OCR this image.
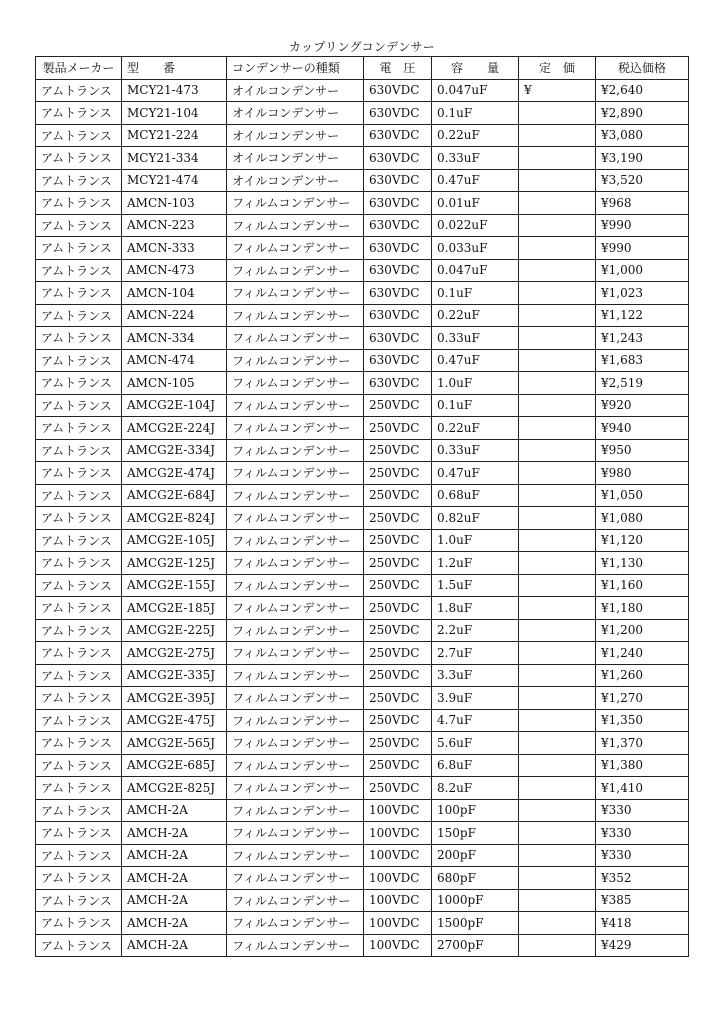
カップリングコンデンサー
製品メーカー	型　　番	コンデンサーの種類	電　圧	容　　量	定　価	税込価格
アムトランス	MCY21-473	オイルコンデンサー	630VDC	0.047uF	¥	¥2,640
アムトランス	MCY21-104	オイルコンデンサー	630VDC	0.1uF		¥2,890
アムトランス	MCY21-224	オイルコンデンサー	630VDC	0.22uF		¥3,080
アムトランス	MCY21-334	オイルコンデンサー	630VDC	0.33uF		¥3,190
アムトランス	MCY21-474	オイルコンデンサー	630VDC	0.47uF		¥3,520
アムトランス	AMCN-103	フィルムコンデンサー	630VDC	0.01uF		¥968
アムトランス	AMCN-223	フィルムコンデンサー	630VDC	0.022uF		¥990
アムトランス	AMCN-333	フィルムコンデンサー	630VDC	0.033uF		¥990
アムトランス	AMCN-473	フィルムコンデンサー	630VDC	0.047uF		¥1,000
アムトランス	AMCN-104	フィルムコンデンサー	630VDC	0.1uF		¥1,023
アムトランス	AMCN-224	フィルムコンデンサー	630VDC	0.22uF		¥1,122
アムトランス	AMCN-334	フィルムコンデンサー	630VDC	0.33uF		¥1,243
アムトランス	AMCN-474	フィルムコンデンサー	630VDC	0.47uF		¥1,683
アムトランス	AMCN-105	フィルムコンデンサー	630VDC	1.0uF		¥2,519
アムトランス	AMCG2E-104J	フィルムコンデンサー	250VDC	0.1uF		¥920
アムトランス	AMCG2E-224J	フィルムコンデンサー	250VDC	0.22uF		¥940
アムトランス	AMCG2E-334J	フィルムコンデンサー	250VDC	0.33uF		¥950
アムトランス	AMCG2E-474J	フィルムコンデンサー	250VDC	0.47uF		¥980
アムトランス	AMCG2E-684J	フィルムコンデンサー	250VDC	0.68uF		¥1,050
アムトランス	AMCG2E-824J	フィルムコンデンサー	250VDC	0.82uF		¥1,080
アムトランス	AMCG2E-105J	フィルムコンデンサー	250VDC	1.0uF		¥1,120
アムトランス	AMCG2E-125J	フィルムコンデンサー	250VDC	1.2uF		¥1,130
アムトランス	AMCG2E-155J	フィルムコンデンサー	250VDC	1.5uF		¥1,160
アムトランス	AMCG2E-185J	フィルムコンデンサー	250VDC	1.8uF		¥1,180
アムトランス	AMCG2E-225J	フィルムコンデンサー	250VDC	2.2uF		¥1,200
アムトランス	AMCG2E-275J	フィルムコンデンサー	250VDC	2.7uF		¥1,240
アムトランス	AMCG2E-335J	フィルムコンデンサー	250VDC	3.3uF		¥1,260
アムトランス	AMCG2E-395J	フィルムコンデンサー	250VDC	3.9uF		¥1,270
アムトランス	AMCG2E-475J	フィルムコンデンサー	250VDC	4.7uF		¥1,350
アムトランス	AMCG2E-565J	フィルムコンデンサー	250VDC	5.6uF		¥1,370
アムトランス	AMCG2E-685J	フィルムコンデンサー	250VDC	6.8uF		¥1,380
アムトランス	AMCG2E-825J	フィルムコンデンサー	250VDC	8.2uF		¥1,410
アムトランス	AMCH-2A	フィルムコンデンサー	100VDC	100pF		¥330
アムトランス	AMCH-2A	フィルムコンデンサー	100VDC	150pF		¥330
アムトランス	AMCH-2A	フィルムコンデンサー	100VDC	200pF		¥330
アムトランス	AMCH-2A	フィルムコンデンサー	100VDC	680pF		¥352
アムトランス	AMCH-2A	フィルムコンデンサー	100VDC	1000pF		¥385
アムトランス	AMCH-2A	フィルムコンデンサー	100VDC	1500pF		¥418
アムトランス	AMCH-2A	フィルムコンデンサー	100VDC	2700pF		¥429
